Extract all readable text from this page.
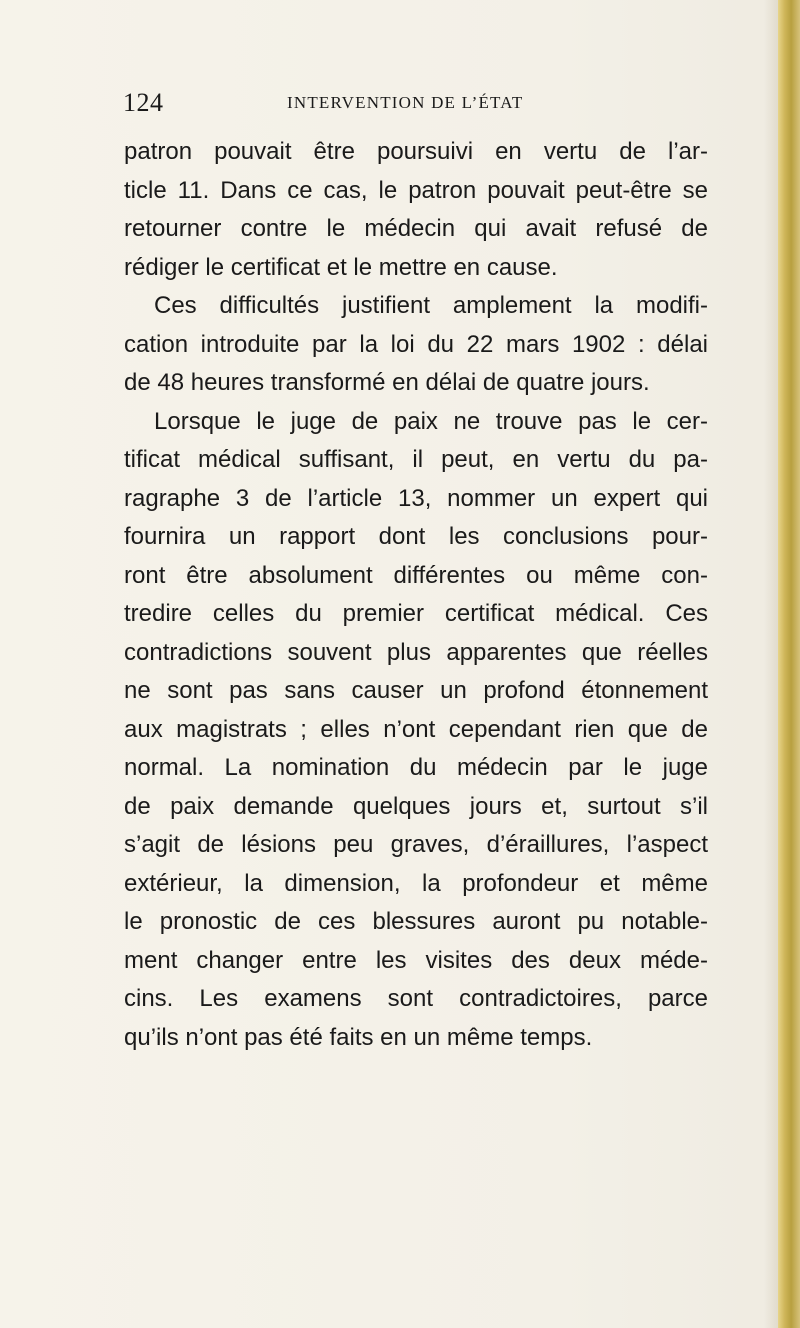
124	INTERVENTION DE L’ÉTAT
patron pouvait être poursuivi en vertu de l’ar-
ticle 11. Dans ce cas, le patron pouvait peut-être se
retourner contre le médecin qui avait refusé de
rédiger le certificat et le mettre en cause.
Ces difficultés justifient amplement la modifi-
cation introduite par la loi du 22 mars 1902 : délai
de 48 heures transformé en délai de quatre jours.
Lorsque le juge de paix ne trouve pas le cer-
tificat médical suffisant, il peut, en vertu du pa-
ragraphe 3 de l’article 13, nommer un expert qui
fournira un rapport dont les conclusions pour-
ront être absolument différentes ou même con-
tredire celles du premier certificat médical. Ces
contradictions souvent plus apparentes que réelles
ne sont pas sans causer un profond étonnement
aux magistrats ; elles n’ont cependant rien que de
normal. La nomination du médecin par le juge
de paix demande quelques jours et, surtout s’il
s’agit de lésions peu graves, d’éraillures, l’aspect
extérieur, la dimension, la profondeur et même
le pronostic de ces blessures auront pu notable-
ment changer entre les visites des deux méde-
cins. Les examens sont contradictoires, parce
qu’ils n’ont pas été faits en un même temps.
